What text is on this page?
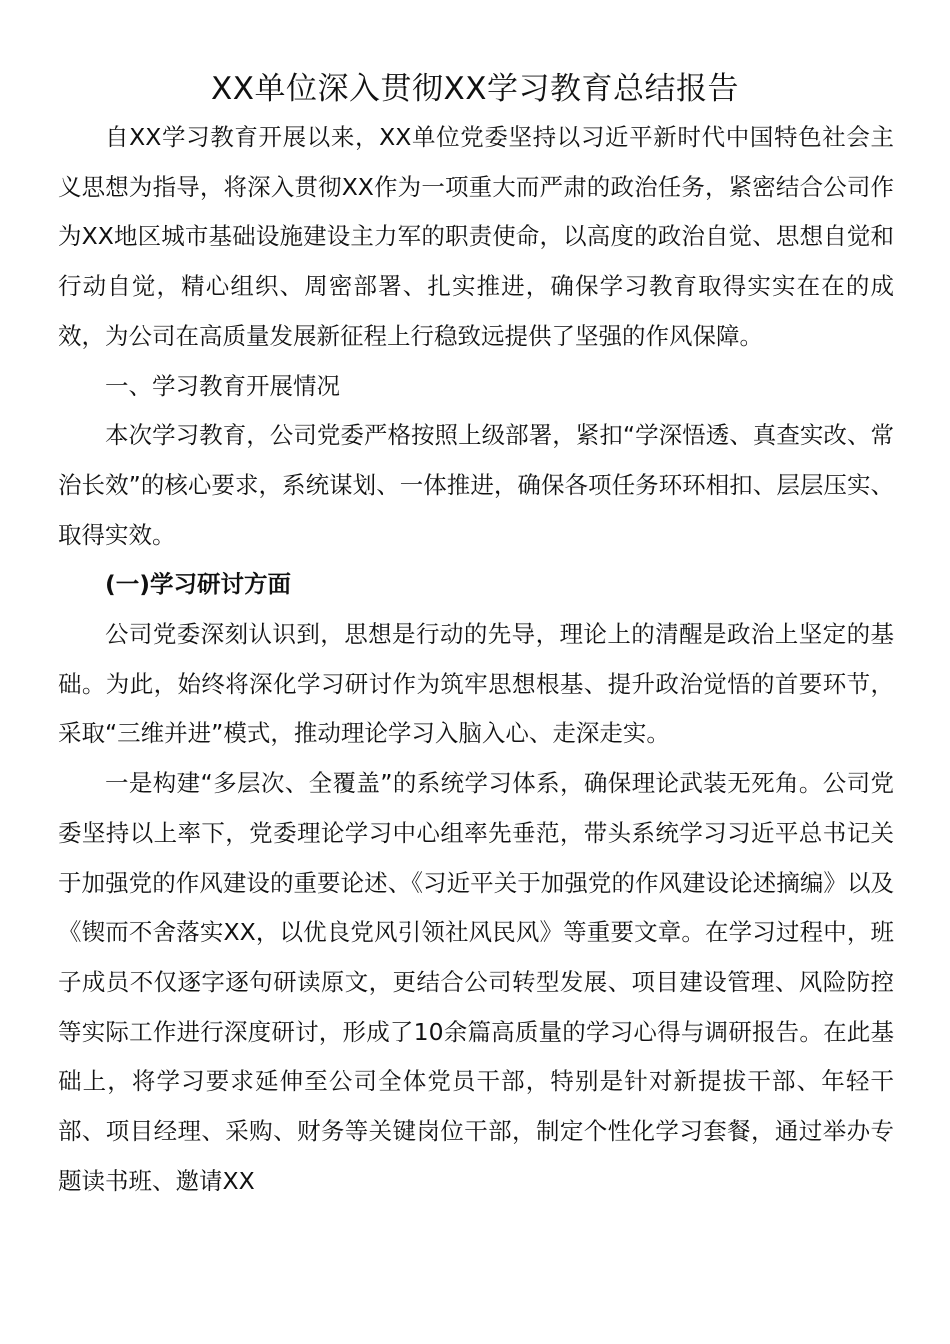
XX单位深入贯彻XX学习教育总结报告

自XX学习教育开展以来，XX单位党委坚持以习近平新时代中国特色社会主义思想为指导，将深入贯彻XX作为一项重大而严肃的政治任务，紧密结合公司作为XX地区城市基础设施建设主力军的职责使命，以高度的政治自觉、思想自觉和行动自觉，精心组织、周密部署、扎实推进，确保学习教育取得实实在在的成效，为公司在高质量发展新征程上行稳致远提供了坚强的作风保障。

一、学习教育开展情况

本次学习教育，公司党委严格按照上级部署，紧扣“学深悟透、真查实改、常治长效”的核心要求，系统谋划、一体推进，确保各项任务环环相扣、层层压实、取得实效。

(一)学习研讨方面

公司党委深刻认识到，思想是行动的先导，理论上的清醒是政治上坚定的基础。为此，始终将深化学习研讨作为筑牢思想根基、提升政治觉悟的首要环节，采取“三维并进”模式，推动理论学习入脑入心、走深走实。

一是构建“多层次、全覆盖”的系统学习体系，确保理论武装无死角。公司党委坚持以上率下，党委理论学习中心组率先垂范，带头系统学习习近平总书记关于加强党的作风建设的重要论述、《习近平关于加强党的作风建设论述摘编》以及《锲而不舍落实XX，以优良党风引领社风民风》等重要文章。在学习过程中，班子成员不仅逐字逐句研读原文，更结合公司转型发展、项目建设管理、风险防控等实际工作进行深度研讨，形成了10余篇高质量的学习心得与调研报告。在此基础上，将学习要求延伸至公司全体党员干部，特别是针对新提拔干部、年轻干部、项目经理、采购、财务等关键岗位干部，制定个性化学习套餐，通过举办专题读书班、邀请XX
